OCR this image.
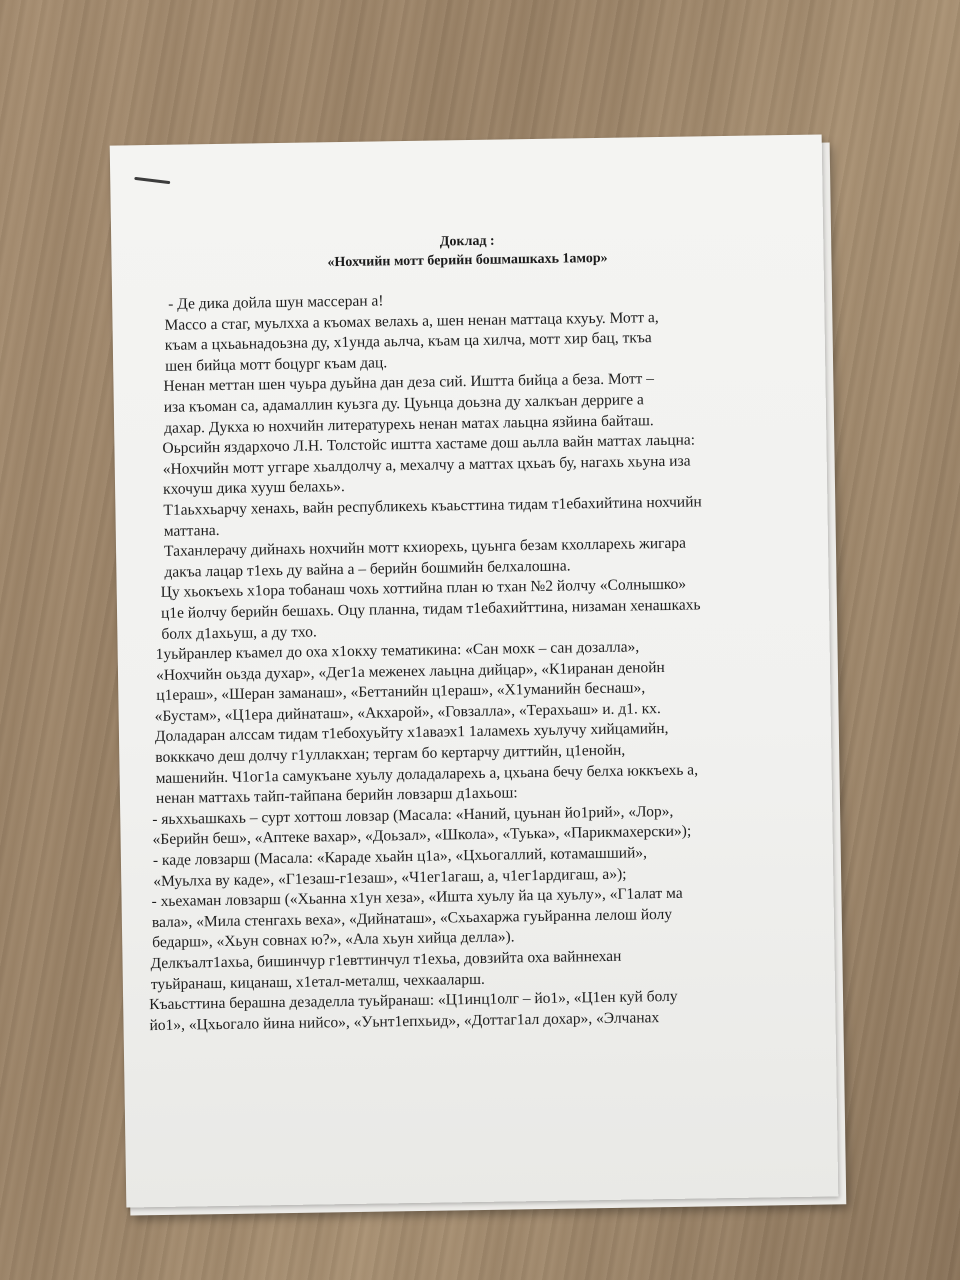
Доклад :
«Нохчийн мотт берийн бошмашкахь 1амор»
- Де дика дойла шун массеран а!
Массо а стаг, муьлхха а къомах велахь а, шен ненан маттаца кхуьу. Мотт а,
къам а цхьаьнадоьзна ду, х1унда аьлча, къам ца хилча, мотт хир бац, ткъа
шен бийца мотт боцург къам дац.
Ненан меттан шен чуьра дуьйна дан деза сий. Иштта бийца а беза. Мотт –
иза къоман са, адамаллин куьзга ду. Цуьнца доьзна ду халкъан дерриге а
дахар. Дукха ю нохчийн литературехь ненан матах лаьцна язйина байташ.
Оьрсийн яздархочо Л.Н. Толстойс иштта хастаме дош аьлла вайн маттах лаьцна:
«Нохчийн мотт уггаре хьалдолчу а, мехалчу а маттах цхьаъ бу, нагахь хьуна иза
кхочуш дика хууш белахь».
Т1аьххьарчу хенахь, вайн республикехь къаьсттина тидам т1ебахийтина нохчийн
маттана.
Таханлерачу дийнахь нохчийн мотт кхиорехь, цуьнга безам кхолларехь жигара
дакъа лацар т1ехь ду вайна а – берийн бошмийн белхалошна.
Цу хьокъехь х1ора тобанаш чохь хоттийна план ю тхан №2 йолчу «Солнышко»
ц1е йолчу берийн бешахь. Оцу планна, тидам т1ебахийттина, низаман хенашкахь
болх д1ахьуш, а ду тхо.
1уьйранлер къамел до оха х1окху тематикина: «Сан мохк – сан дозалла»,
«Нохчийн оьзда духар», «Дег1а меженех лаьцна дийцар», «К1иранан денойн
ц1ераш», «Шеран заманаш», «Беттанийн ц1ераш», «Х1уманийн беснаш»,
«Бустам», «Ц1ера дийнаташ», «Акхарой», «Говзалла», «Терахьаш» и. д1. кх.
Доладаран алссам тидам т1ебохуьйту х1аваэх1 1аламехь хуьлучу хийцамийн,
вокккачо деш долчу г1уллакхан; тергам бо кертарчу диттийн, ц1енойн,
машенийн. Ч1ог1а самукъане хуьлу доладаларехь а, цхьана бечу белха юккъехь а,
ненан маттахь тайп-тайпана берийн ловзарш д1ахьош:
- яьххьашкахь – сурт хоттош ловзар (Масала: «Наний, цуьнан йо1рий», «Лор»,
«Берийн беш», «Аптеке вахар», «Доьзал», «Школа», «Туька», «Парикмахерски»);
- каде ловзарш (Масала: «Караде хьайн ц1а», «Цхьогаллий, котамашший»,
«Муьлха ву каде», «Г1езаш-г1езаш», «Ч1ег1агаш, а, ч1ег1ардигаш, а»);
- хьехаман ловзарш («Хьанна х1ун хеза», «Ишта хуьлу йа ца хуьлу», «Г1алат ма
вала», «Мила стенгахь веха», «Дийнаташ», «Схьахаржа гуьйранна лелош йолу
бедарш», «Хьун совнах ю?», «Ала хьун хийца делла»).
Делкъалт1ахьа, бишинчур г1евттинчул т1ехьа, довзийта оха вайннехан
туьйранаш, кицанаш, х1етал-металш, чехкааларш.
Къаьсттина берашна дезаделла туьйранаш: «Ц1инц1олг – йо1», «Ц1ен куй болу
йо1», «Цхьогало йина нийсо», «Уьнт1епхьид», «Доттаг1ал дохар», «Элчанах
